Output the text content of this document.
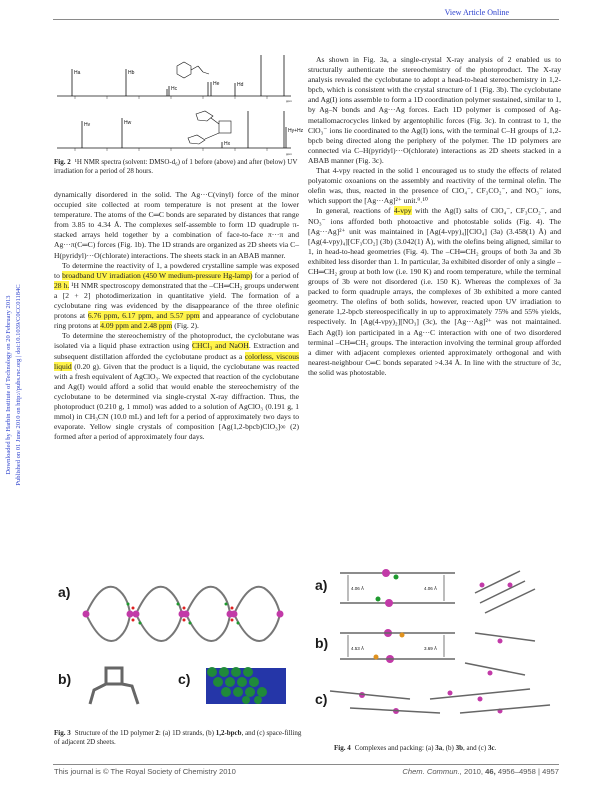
View Article Online
Downloaded by Harbin Institute of Technology on 20 February 2013 Published on 01 June 2010 on http://pubs.rsc.org | doi:10.1039/C0CC01184C
Ha	Hb
Hc
He	Hd
ppm
Hv	Hw
Hx
Hy+Hz
ppm
Fig. 2 ¹H NMR spectra (solvent: DMSO-d₆) of 1 before (above) and after (below) UV irradiation for a period of 28 hours.

dynamically disordered in the solid. The Ag···C(vinyl) force of the minor occupied site collected at room temperature is not present at the lower temperature. The atoms of the C═C bonds are separated by distances that range from 3.85 to 4.34 Å. The complexes self-assemble to form 1D quadruple π-stacked arrays held together by a combination of face-to-face π···π and Ag···π(C═C) forces (Fig. 1b). The 1D strands are organized as 2D sheets via C–H(pyridyl)···O(chlorate) interactions. The sheets stack in an ABAB manner.

To determine the reactivity of 1, a powdered crystalline sample was exposed to broadband UV irradiation (450 W medium-pressure Hg-lamp) for a period of 28 h. ¹H NMR spectroscopy demonstrated that the –CH═CH₂ groups underwent a [2 + 2] photodimerization in quantitative yield. The formation of a cyclobutane ring was evidenced by the disappearance of the three olefinic protons at 6.76 ppm, 6.17 ppm, and 5.57 ppm and appearance of cyclobutane ring protons at 4.09 ppm and 2.48 ppm (Fig. 2).

To determine the stereochemistry of the photoproduct, the cyclobutane was isolated via a liquid phase extraction using CHCl₃ and NaOH. Extraction and subsequent distillation afforded the cyclobutane product as a colorless, viscous liquid (0.20 g). Given that the product is a liquid, the cyclobutane was reacted with a fresh equivalent of AgClO₃. We expected that reaction of the cyclobutane and Ag(I) would afford a solid that would enable the stereochemistry of the cyclobutane to be determined via single-crystal X-ray diffraction. Thus, the photoproduct (0.210 g, 1 mmol) was added to a solution of AgClO₃ (0.191 g, 1 mmol) in CH₃CN (10.0 mL) and left for a period of approximately two days to evaporate. Yellow single crystals of composition [Ag(1,2-bpcb)ClO₃]∞ (2) formed after a period of approximately four days.

As shown in Fig. 3a, a single-crystal X-ray analysis of 2 enabled us to structurally authenticate the stereochemistry of the photoproduct. The X-ray analysis revealed the cyclobutane to adopt a head-to-head stereochemistry in 1,2-bpcb, which is consistent with the crystal structure of 1 (Fig. 3b). The cyclobutane and Ag(I) ions assemble to form a 1D coordination polymer sustained, similar to 1, by Ag–N bonds and Ag···Ag forces. Each 1D polymer is composed of Ag-metallomacrocycles linked by argentophilic forces (Fig. 3c). In contrast to 1, the ClO₃⁻ ions lie coordinated to the Ag(I) ions, with the terminal C–H groups of 1,2-bpcb being directed along the periphery of the polymer. The 1D polymers are connected via C–H(pyridyl)···O(chlorate) interactions as 2D sheets stacked in a ABAB manner (Fig. 3c).

That 4-vpy reacted in the solid 1 encouraged us to study the effects of related polyatomic oxoanions on the assembly and reactivity of the terminal olefin. The olefin was, thus, reacted in the presence of ClO₄⁻, CF₃CO₂⁻, and NO₃⁻ ions, which support the [Ag···Ag]²⁺ unit.⁹˒¹⁰

In general, reactions of 4-vpy with the Ag(I) salts of ClO₄⁻, CF₃CO₂⁻, and NO₃⁻ ions afforded both photoactive and photostable solids (Fig. 4). The [Ag···Ag]²⁺ unit was maintained in [Ag(4-vpy)₄][ClO₄] (3a) (3.458(1) Å) and [Ag(4-vpy)₄][CF₃CO₂] (3b) (3.042(1) Å), with the olefins being aligned, similar to 1, in head-to-head geometries (Fig. 4). The –CH═CH₂ groups of both 3a and 3b exhibited less disorder than 1. In particular, 3a exhibited disorder of only a single –CH═CH₂ group at both low (i.e. 190 K) and room temperature, while the terminal groups of 3b were not disordered (i.e. 150 K). Whereas the complexes of 3a packed to form quadruple arrays, the complexes of 3b exhibited a more canted geometry. The olefins of both solids, however, reacted upon UV irradiation to generate 1,2-bpcb stereospecifically in up to approximately 75% and 55% yields, respectively. In [Ag(4-vpy)₂][NO₃] (3c), the [Ag···Ag]²⁺ was not maintained. Each Ag(I) ion participated in a Ag···C interaction with one of two disordered terminal –CH═CH₂ groups. The interaction involving the terminal group afforded a dimer with adjacent complexes oriented approximately orthogonal and with nearest-neighbour C═C bonds separated >4.34 Å. In line with the structure of 3c, the solid was photostable.

a)
b)	c)
Fig. 3 Structure of the 1D polymer 2: (a) 1D strands, (b) 1,2-bpcb, and (c) space-filling of adjacent 2D sheets.
a)
b)
c)
4.06 Å	4.06 Å
4.53 Å	3.69 Å
Fig. 4 Complexes and packing: (a) 3a, (b) 3b, and (c) 3c.
This journal is © The Royal Society of Chemistry 2010	Chem. Commun., 2010, 46, 4956–4958 | 4957
